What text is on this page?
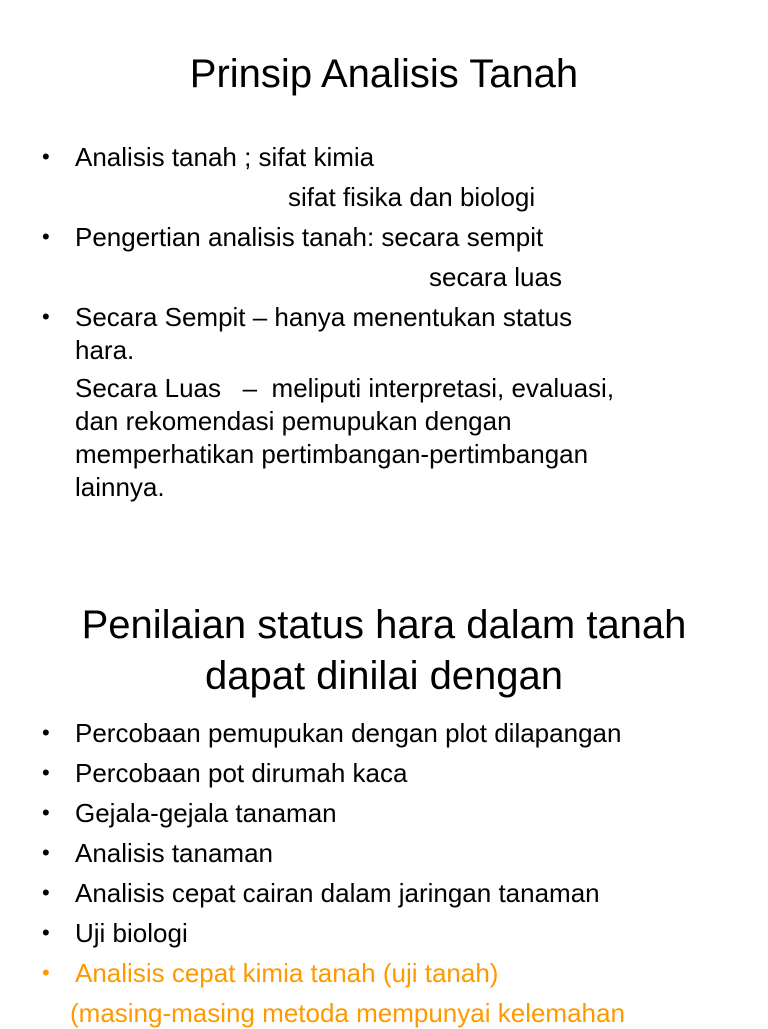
Prinsip Analisis Tanah
• Analisis tanah ; sifat kimia
sifat fisika dan biologi
• Pengertian analisis tanah: secara sempit
secara luas
• Secara Sempit – hanya menentukan status
hara.
Secara Luas   –  meliputi interpretasi, evaluasi,
dan rekomendasi pemupukan dengan
memperhatikan pertimbangan-pertimbangan
lainnya.
Penilaian status hara dalam tanah
dapat dinilai dengan
• Percobaan pemupukan dengan plot dilapangan
• Percobaan pot dirumah kaca
• Gejala-gejala tanaman
• Analisis tanaman
• Analisis cepat cairan dalam jaringan tanaman
• Uji biologi
• Analisis cepat kimia tanah (uji tanah)
(masing-masing metoda mempunyai kelemahan
